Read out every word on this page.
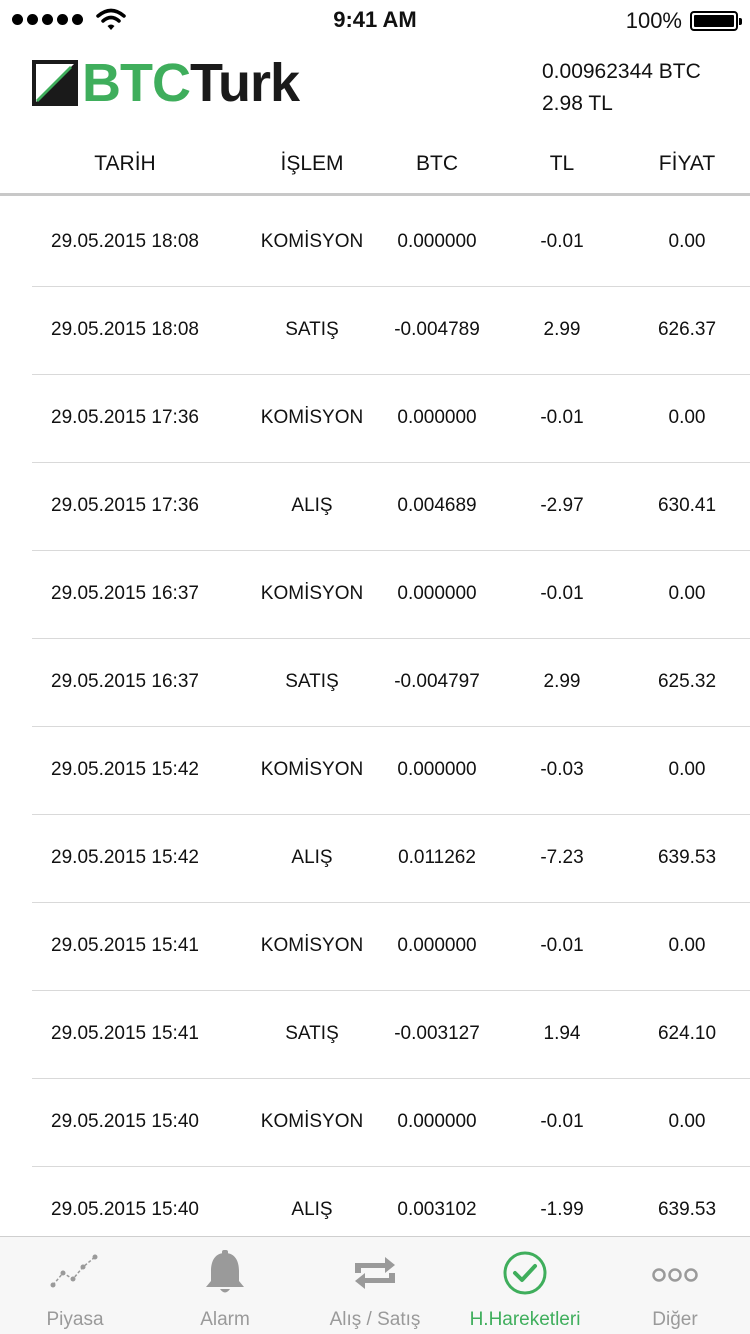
9:41 AM	100%
BTCTurk	0.00962344 BTC
2.98 TL
TARİH	İŞLEM	BTC	TL	FİYAT
29.05.2015 18:08	KOMİSYON	0.000000	-0.01	0.00
29.05.2015 18:08	SATIŞ	-0.004789	2.99	626.37
29.05.2015 17:36	KOMİSYON	0.000000	-0.01	0.00
29.05.2015 17:36	ALIŞ	0.004689	-2.97	630.41
29.05.2015 16:37	KOMİSYON	0.000000	-0.01	0.00
29.05.2015 16:37	SATIŞ	-0.004797	2.99	625.32
29.05.2015 15:42	KOMİSYON	0.000000	-0.03	0.00
29.05.2015 15:42	ALIŞ	0.011262	-7.23	639.53
29.05.2015 15:41	KOMİSYON	0.000000	-0.01	0.00
29.05.2015 15:41	SATIŞ	-0.003127	1.94	624.10
29.05.2015 15:40	KOMİSYON	0.000000	-0.01	0.00
29.05.2015 15:40	ALIŞ	0.003102	-1.99	639.53
Piyasa	Alarm	Alış / Satış	H.Hareketleri	Diğer
